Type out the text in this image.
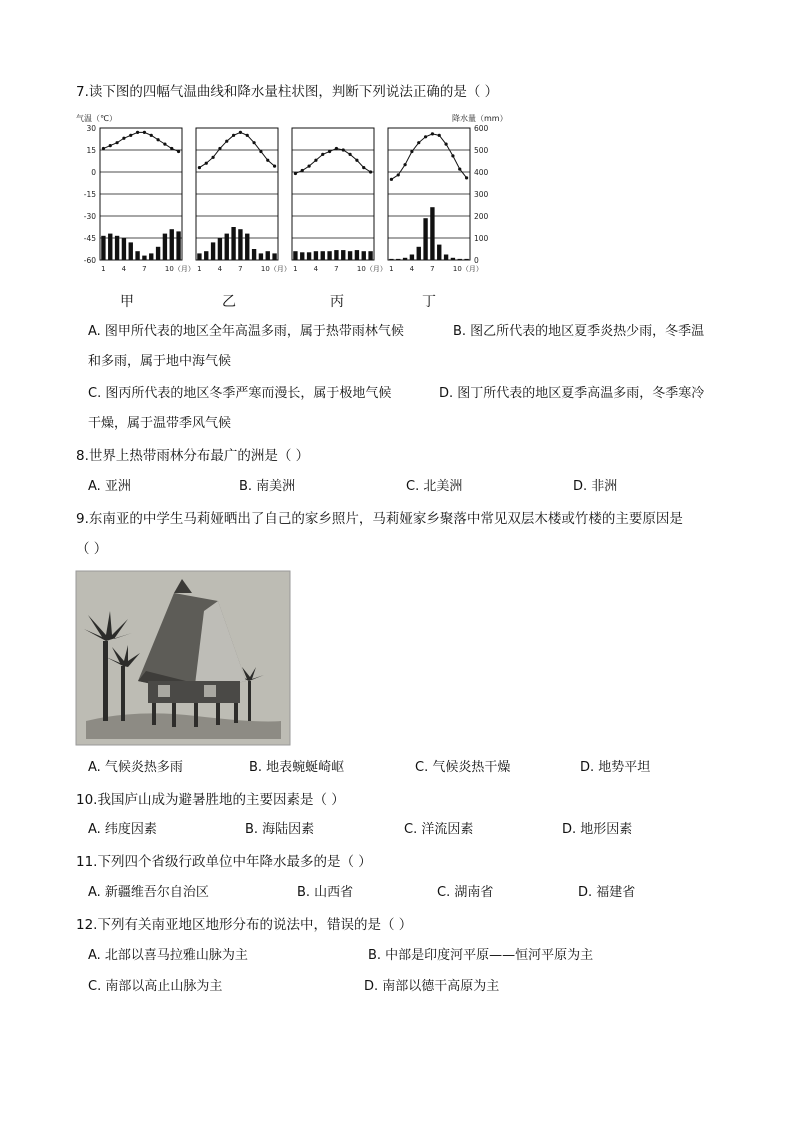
7.读下图的四幅气温曲线和降水量柱状图，判断下列说法正确的是（ ）
气温（℃）	降水量（mm）
30
15
0
-15
-30
-45
-60
600
500
400
300
200
100
0
1 4 7	10（月） 1 4 7	10（月） 1 4 7	10（月） 1 4 7	10（月）
甲	乙	丙	丁
A. 图甲所代表的地区全年高温多雨，属于热带雨林气候	B. 图乙所代表的地区夏季炎热少雨，冬季温
和多雨，属于地中海气候
C. 图丙所代表的地区冬季严寒而漫长，属于极地气候	D. 图丁所代表的地区夏季高温多雨，冬季寒冷
干燥，属于温带季风气候
8.世界上热带雨林分布最广的洲是（ ）
A. 亚洲	B. 南美洲	C. 北美洲	D. 非洲
9.东南亚的中学生马莉娅晒出了自己的家乡照片，马莉娅家乡聚落中常见双层木楼或竹楼的主要原因是
（ ）
A. 气候炎热多雨	B. 地表蜿蜒崎岖	C. 气候炎热干燥	D. 地势平坦
10.我国庐山成为避暑胜地的主要因素是（ ）
A. 纬度因素	B. 海陆因素	C. 洋流因素	D. 地形因素
11.下列四个省级行政单位中年降水最多的是（ ）
A. 新疆维吾尔自治区	B. 山西省	C. 湖南省	D. 福建省
12.下列有关南亚地区地形分布的说法中，错误的是（ ）
A. 北部以喜马拉雅山脉为主	B. 中部是印度河平原——恒河平原为主
C. 南部以高止山脉为主	D. 南部以德干高原为主
